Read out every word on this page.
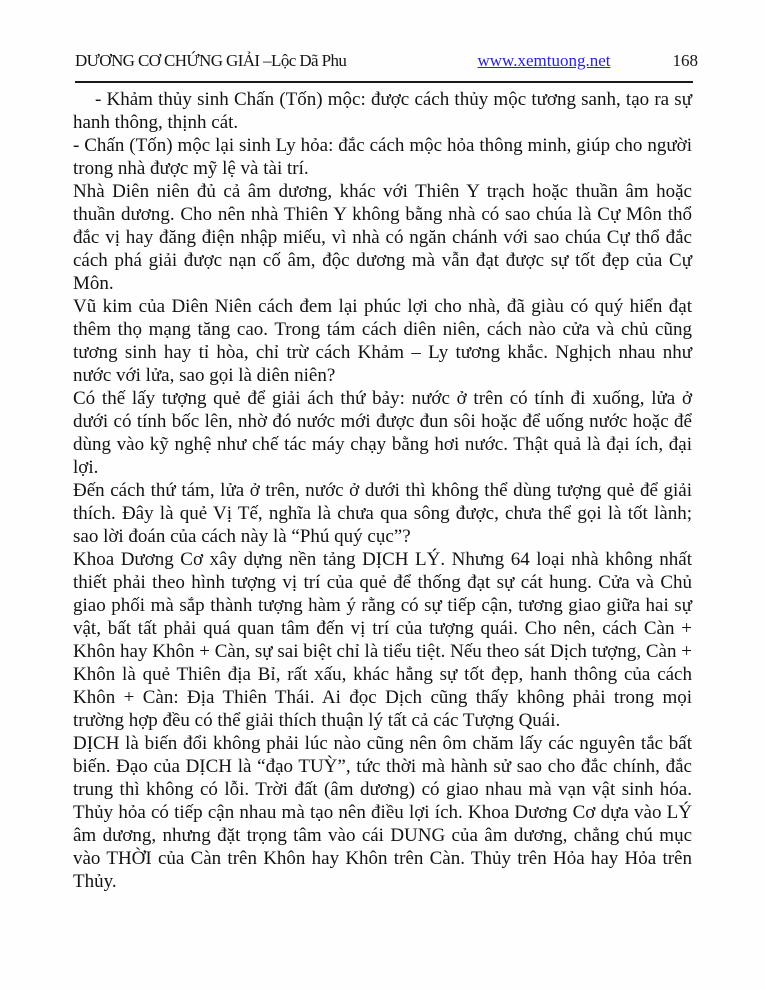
DƯƠNG CƠ CHỨNG GIẢI –Lộc Dã Phu	www.xemtuong.net	168

- Khảm thủy sinh Chấn (Tốn) mộc: được cách thủy mộc tương sanh, tạo ra sự hanh thông, thịnh cát.

- Chấn (Tốn) mộc lại sinh Ly hỏa: đắc cách mộc hỏa thông minh, giúp cho người trong nhà được mỹ lệ và tài trí.

Nhà Diên niên đủ cả âm dương, khác với Thiên Y trạch hoặc thuần âm hoặc thuần dương. Cho nên nhà Thiên Y không bằng nhà có sao chúa là Cự Môn thổ đắc vị hay đăng điện nhập miếu, vì nhà có ngăn chánh với sao chúa Cự thổ đắc cách phá giải được nạn cố âm, độc dương mà vẫn đạt được sự tốt đẹp của Cự Môn.

Vũ kim của Diên Niên cách đem lại phúc lợi cho nhà, đã giàu có quý hiển đạt thêm thọ mạng tăng cao. Trong tám cách diên niên, cách nào cửa và chủ cũng tương sinh hay tỉ hòa, chỉ trừ cách Khảm – Ly tương khắc. Nghịch nhau như nước với lửa, sao gọi là diên niên?

Có thế lấy tượng quẻ để giải ách thứ bảy: nước ở trên có tính đi xuống, lửa ở dưới có tính bốc lên, nhờ đó nước mới được đun sôi hoặc để uống nước hoặc để dùng vào kỹ nghệ như chế tác máy chạy bằng hơi nước. Thật quả là đại ích, đại lợi.

Đến cách thứ tám, lửa ở trên, nước ở dưới thì không thể dùng tượng quẻ để giải thích. Đây là quẻ Vị Tế, nghĩa là chưa qua sông được, chưa thể gọi là tốt lành; sao lời đoán của cách này là “Phú quý cục”?

Khoa Dương Cơ xây dựng nền tảng DỊCH LÝ. Nhưng 64 loại nhà không nhất thiết phải theo hình tượng vị trí của quẻ để thống đạt sự cát hung. Cửa và Chủ giao phối mà sắp thành tượng hàm ý rằng có sự tiếp cận, tương giao giữa hai sự vật, bất tất phải quá quan tâm đến vị trí của tượng quái. Cho nên, cách Càn + Khôn hay Khôn + Càn, sự sai biệt chỉ là tiểu tiệt. Nếu theo sát Dịch tượng, Càn + Khôn là quẻ Thiên địa Bỉ, rất xấu, khác hẳng sự tốt đẹp, hanh thông của cách Khôn + Càn: Địa Thiên Thái. Ai đọc Dịch cũng thấy không phải trong mọi trường hợp đều có thể giải thích thuận lý tất cả các Tượng Quái.

DỊCH là biến đổi không phải lúc nào cũng nên ôm chăm lấy các nguyên tắc bất biến. Đạo của DỊCH là “đạo TUỲ”, tức thời mà hành sử sao cho đắc chính, đắc trung thì không có lỗi. Trời đất (âm dương) có giao nhau mà vạn vật sinh hóa. Thủy hỏa có tiếp cận nhau mà tạo nên điều lợi ích. Khoa Dương Cơ dựa vào LÝ âm dương, nhưng đặt trọng tâm vào cái DUNG của âm dương, chẳng chú mục vào THỜI của Càn trên Khôn hay Khôn trên Càn. Thủy trên Hỏa hay Hỏa trên Thủy.
